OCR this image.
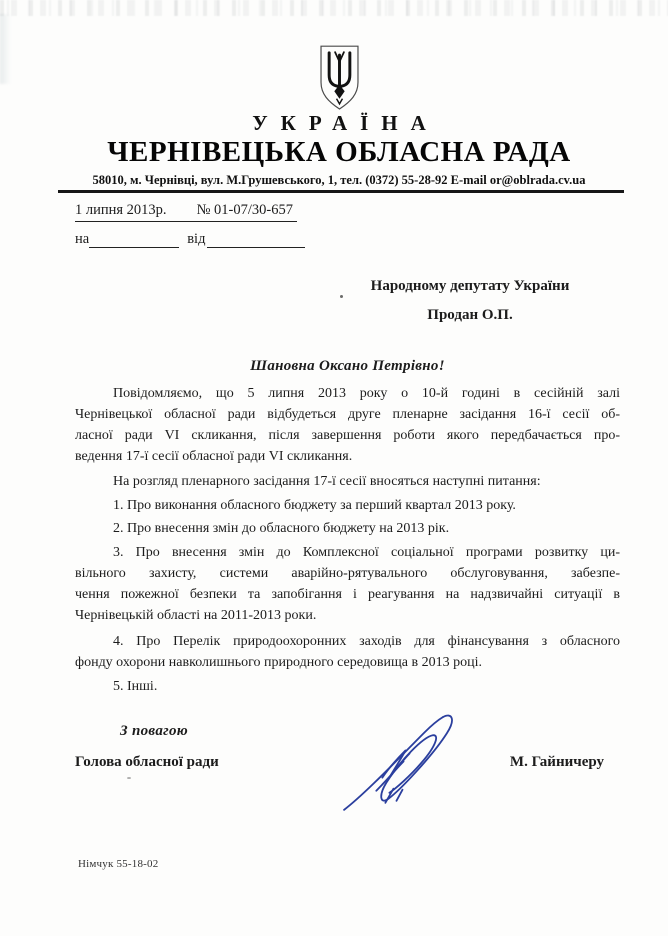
УКРАЇНА
ЧЕРНІВЕЦЬКА ОБЛАСНА РАДА
58010, м. Чернівці, вул. М.Грушевського, 1, тел. (0372) 55-28-92 E-mail or@oblrada.cv.ua
1 липня 2013р. № 01-07/30-657
на	від
Народному депутату України
Продан О.П.
Шановна Оксано Петрівно!
Повідомляємо, що 5 липня 2013 року о 10-й годині в сесійній залі
Чернівецької обласної ради відбудеться друге пленарне засідання 16-ї сесії об-
ласної ради VI скликання, після завершення роботи якого передбачається про-
ведення 17-ї сесії обласної ради VI скликання.
На розгляд пленарного засідання 17-ї сесії вносяться наступні питання:
1. Про виконання обласного бюджету за перший квартал 2013 року.
2. Про внесення змін до обласного бюджету на 2013 рік.
3. Про внесення змін до Комплексної соціальної програми розвитку ци-
вільного захисту, системи аварійно-рятувального обслуговування, забезпе-
чення пожежної безпеки та запобігання і реагування на надзвичайні ситуації в
Чернівецькій області на 2011-2013 роки.
4. Про Перелік природоохоронних заходів для фінансування з обласного
фонду охорони навколишнього природного середовища в 2013 році.
5. Інші.
З повагою
Голова обласної ради	М. Гайничеру
Німчук 55-18-02
